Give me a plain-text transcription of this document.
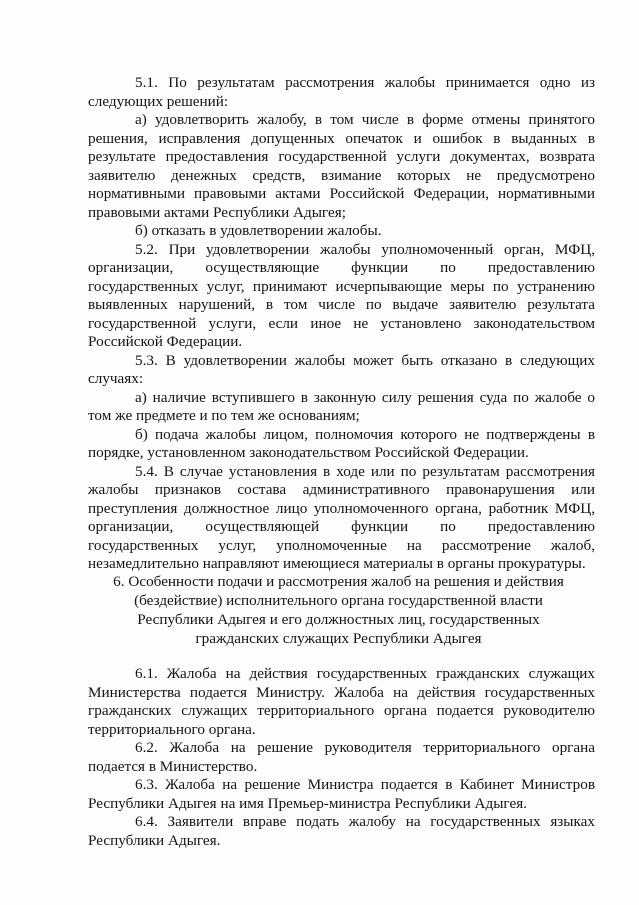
5.1. По результатам рассмотрения жалобы принимается одно из следующих решений:

а) удовлетворить жалобу, в том числе в форме отмены принятого решения, исправления допущенных опечаток и ошибок в выданных в результате предоставления государственной услуги документах, возврата заявителю денежных средств, взимание которых не предусмотрено нормативными правовыми актами Российской Федерации, нормативными правовыми актами Республики Адыгея;

б) отказать в удовлетворении жалобы.

5.2. При удовлетворении жалобы уполномоченный орган, МФЦ, организации, осуществляющие функции по предоставлению государственных услуг, принимают исчерпывающие меры по устранению выявленных нарушений, в том числе по выдаче заявителю результата государственной услуги, если иное не установлено законодательством Российской Федерации.

5.3. В удовлетворении жалобы может быть отказано в следующих случаях:

а) наличие вступившего в законную силу решения суда по жалобе о том же предмете и по тем же основаниям;

б) подача жалобы лицом, полномочия которого не подтверждены в порядке, установленном законодательством Российской Федерации.

5.4. В случае установления в ходе или по результатам рассмотрения жалобы признаков состава административного правонарушения или преступления должностное лицо уполномоченного органа, работник МФЦ, организации, осуществляющей функции по предоставлению государственных услуг, уполномоченные на рассмотрение жалоб, незамедлительно направляют имеющиеся материалы в органы прокуратуры.

6. Особенности подачи и рассмотрения жалоб на решения и действия (бездействие) исполнительного органа государственной власти Республики Адыгея и его должностных лиц, государственных гражданских служащих Республики Адыгея

6.1. Жалоба на действия государственных гражданских служащих Министерства подается Министру. Жалоба на действия государственных гражданских служащих территориального органа подается руководителю территориального органа.

6.2. Жалоба на решение руководителя территориального органа подается в Министерство.

6.3. Жалоба на решение Министра подается в Кабинет Министров Республики Адыгея на имя Премьер-министра Республики Адыгея.

6.4. Заявители вправе подать жалобу на государственных языках Республики Адыгея.
